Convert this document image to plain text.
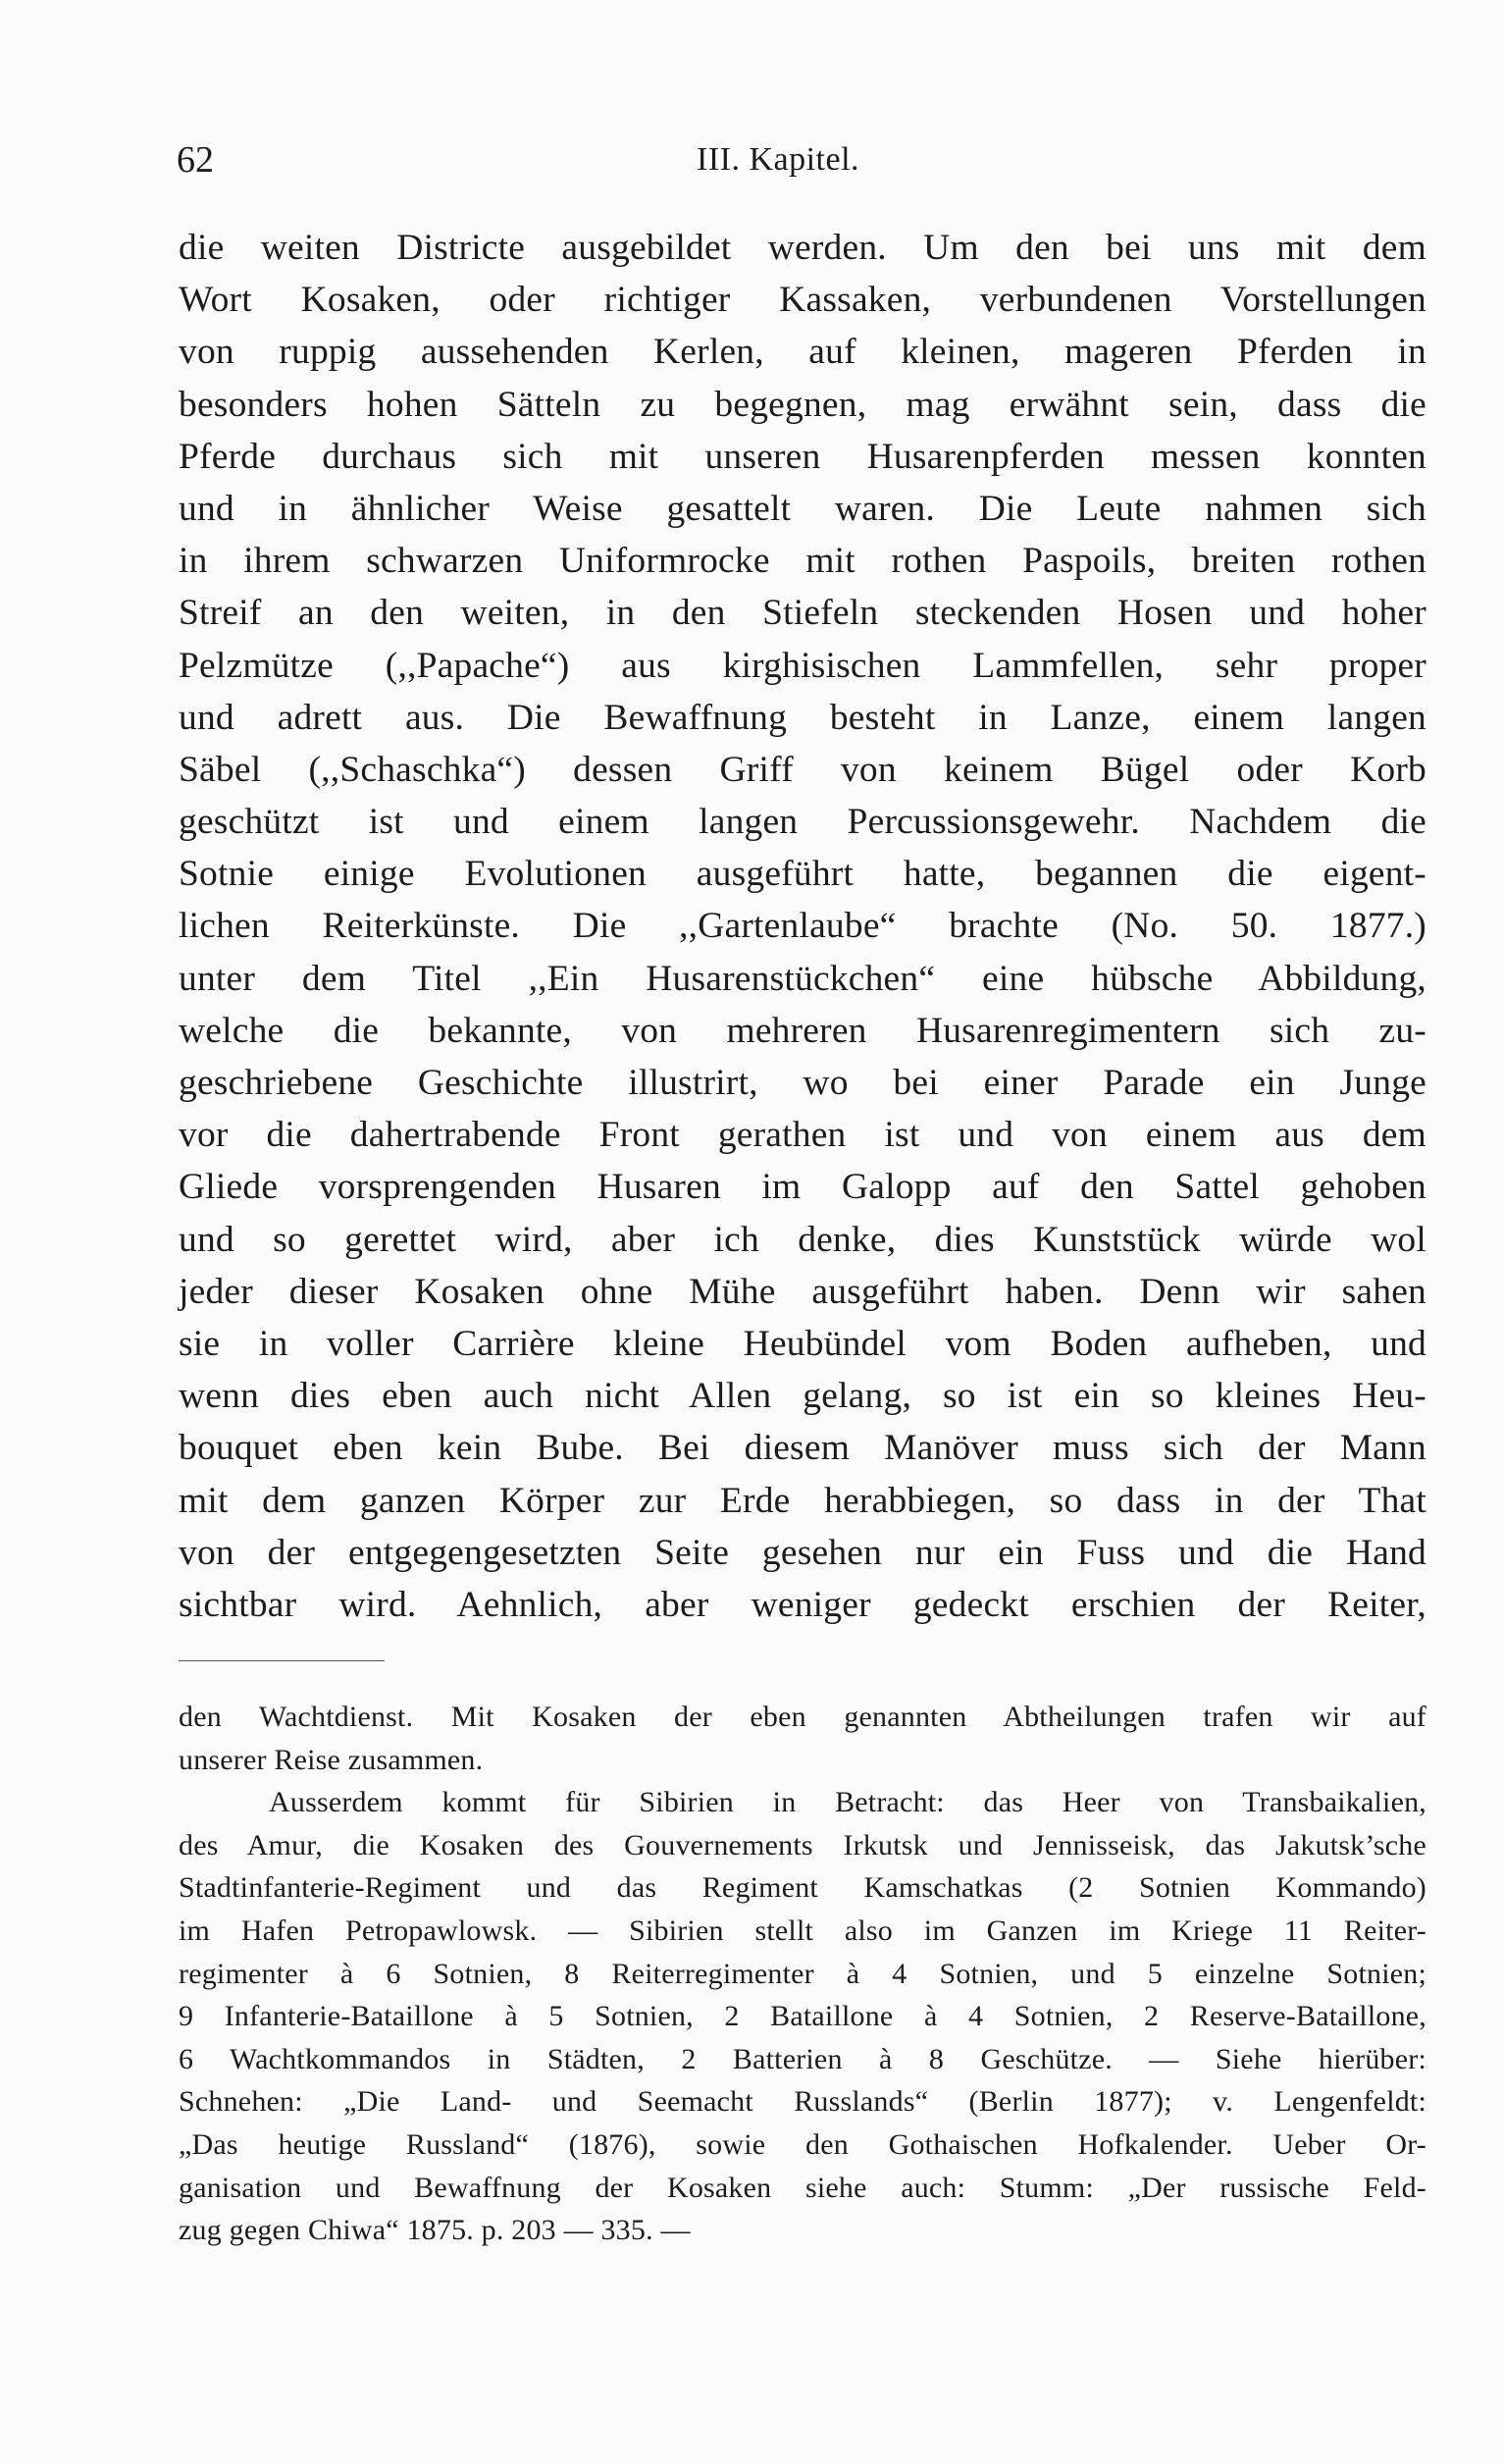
62	III. Kapitel.
die weiten Districte ausgebildet werden. Um den bei uns mit dem
Wort Kosaken, oder richtiger Kassaken, verbundenen Vorstellungen
von ruppig aussehenden Kerlen, auf kleinen, mageren Pferden in
besonders hohen Sätteln zu begegnen, mag erwähnt sein, dass die
Pferde durchaus sich mit unseren Husarenpferden messen konnten
und in ähnlicher Weise gesattelt waren. Die Leute nahmen sich
in ihrem schwarzen Uniformrocke mit rothen Paspoils, breiten rothen
Streif an den weiten, in den Stiefeln steckenden Hosen und hoher
Pelzmütze (,,Papache“) aus kirghisischen Lammfellen, sehr proper
und adrett aus. Die Bewaffnung besteht in Lanze, einem langen
Säbel (,,Schaschka“) dessen Griff von keinem Bügel oder Korb
geschützt ist und einem langen Percussionsgewehr. Nachdem die
Sotnie einige Evolutionen ausgeführt hatte, begannen die eigent-
lichen Reiterkünste. Die ,,Gartenlaube“ brachte (No. 50. 1877.)
unter dem Titel ,,Ein Husarenstückchen“ eine hübsche Abbildung,
welche die bekannte, von mehreren Husarenregimentern sich zu-
geschriebene Geschichte illustrirt, wo bei einer Parade ein Junge
vor die dahertrabende Front gerathen ist und von einem aus dem
Gliede vorsprengenden Husaren im Galopp auf den Sattel gehoben
und so gerettet wird, aber ich denke, dies Kunststück würde wol
jeder dieser Kosaken ohne Mühe ausgeführt haben. Denn wir sahen
sie in voller Carrière kleine Heubündel vom Boden aufheben, und
wenn dies eben auch nicht Allen gelang, so ist ein so kleines Heu-
bouquet eben kein Bube. Bei diesem Manöver muss sich der Mann
mit dem ganzen Körper zur Erde herabbiegen, so dass in der That
von der entgegengesetzten Seite gesehen nur ein Fuss und die Hand
sichtbar wird. Aehnlich, aber weniger gedeckt erschien der Reiter,
den Wachtdienst. Mit Kosaken der eben genannten Abtheilungen trafen wir auf
unserer Reise zusammen.
Ausserdem kommt für Sibirien in Betracht: das Heer von Transbaikalien,
des Amur, die Kosaken des Gouvernements Irkutsk und Jennisseisk, das Jakutsk’sche
Stadtinfanterie-Regiment und das Regiment Kamschatkas (2 Sotnien Kommando)
im Hafen Petropawlowsk. — Sibirien stellt also im Ganzen im Kriege 11 Reiter-
regimenter à 6 Sotnien, 8 Reiterregimenter à 4 Sotnien, und 5 einzelne Sotnien;
9 Infanterie-Bataillone à 5 Sotnien, 2 Bataillone à 4 Sotnien, 2 Reserve-Bataillone,
6 Wachtkommandos in Städten, 2 Batterien à 8 Geschütze. — Siehe hierüber:
Schnehen: „Die Land- und Seemacht Russlands“ (Berlin 1877); v. Lengenfeldt:
„Das heutige Russland“ (1876), sowie den Gothaischen Hofkalender. Ueber Or-
ganisation und Bewaffnung der Kosaken siehe auch: Stumm: „Der russische Feld-
zug gegen Chiwa“ 1875. p. 203 — 335. —
